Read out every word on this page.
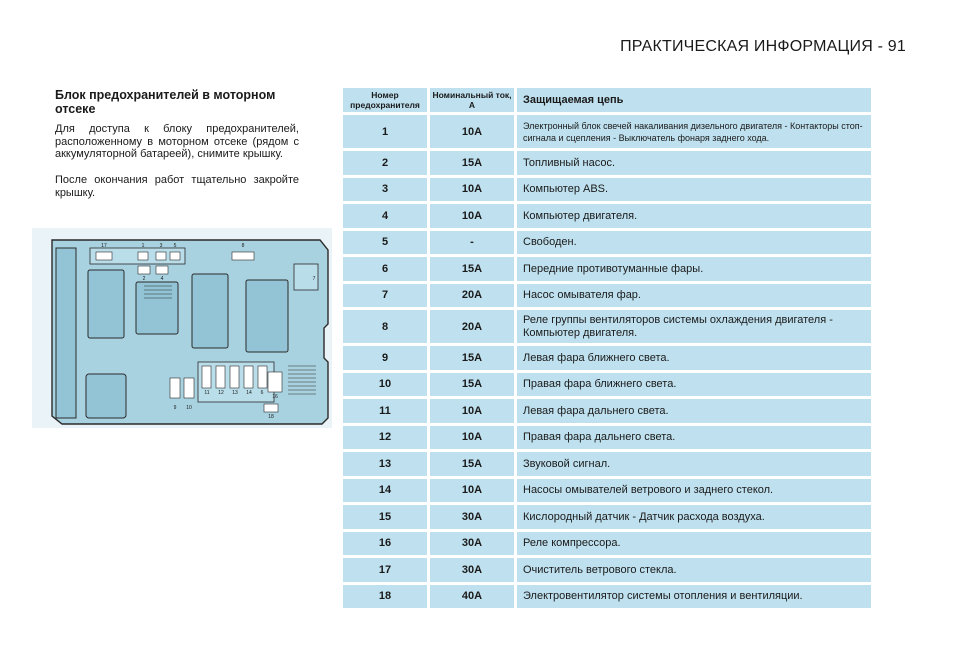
ПРАКТИЧЕСКАЯ ИНФОРМАЦИЯ - 91
Блок предохранителей в моторном отсеке
Для доступа к блоку предохранителей, расположенному в моторном отсеке (рядом с аккумуляторной батареей), снимите крышку.
После окончания работ тщательно закройте крышку.
17	1	3 5
2	4
8
11 12 13 14
9 10
6
16
7
18
Номер предохранителя	Номинальный ток, А	Защищаемая цепь
1	10A	Электронный блок свечей накаливания дизельного двигателя - Контакторы стоп-сигнала и сцепления - Выключатель фонаря заднего хода.
2	15A	Топливный насос.
3	10A	Компьютер ABS.
4	10A	Компьютер двигателя.
5	-	Свободен.
6	15A	Передние противотуманные фары.
7	20A	Насос омывателя фар.
8	20A	Реле группы вентиляторов системы охлаждения двигателя - Компьютер двигателя.
9	15A	Левая фара ближнего света.
10	15A	Правая фара ближнего света.
11	10A	Левая фара дальнего света.
12	10A	Правая фара дальнего света.
13	15A	Звуковой сигнал.
14	10A	Насосы омывателей ветрового и заднего стекол.
15	30A	Кислородный датчик - Датчик расхода воздуха.
16	30A	Реле компрессора.
17	30A	Очиститель ветрового стекла.
18	40A	Электровентилятор системы отопления и вентиляции.
